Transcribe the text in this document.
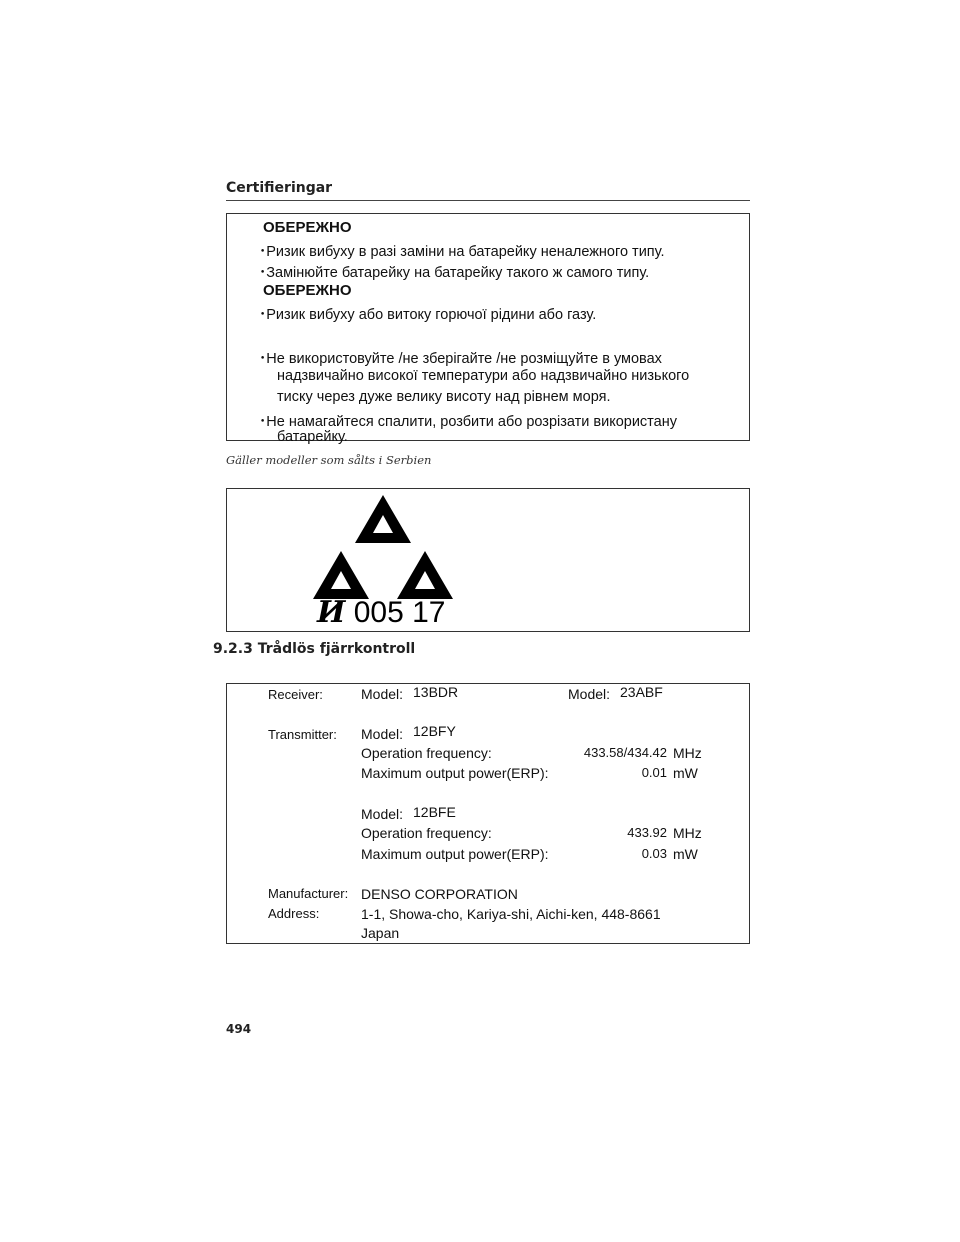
Certifieringar
ОБЕРЕЖНО
･Ризик вибуху в разі заміни на батарейку неналежного типу.
･Замінюйте батарейку на батарейку такого ж самого типу.
ОБЕРЕЖНО
･Ризик вибуху або витоку горючої рідини або газу.
･Не використовуйте /не зберігайте /не розміщуйте в умовах
надзвичайно високої температури або надзвичайно низького
тиску через дуже велику висоту над рівнем моря.
･Не намагайтеся спалити, розбити або розрізати використану
батарейку.
Gäller modeller som sålts i Serbien
И 005 17
9.2.3 Trådlös fjärrkontroll
Receiver:	Model: 13BDR	Model: 23ABF
Transmitter: Model: 12BFY
Operation frequency:	433.58/434.42 MHz
Maximum output power(ERP):	0.01 mW
Model: 12BFE
Operation frequency:	433.92 MHz
Maximum output power(ERP):	0.03 mW
Manufacturer: DENSO CORPORATION
Address:	1-1, Showa-cho, Kariya-shi, Aichi-ken, 448-8661
Japan
494
